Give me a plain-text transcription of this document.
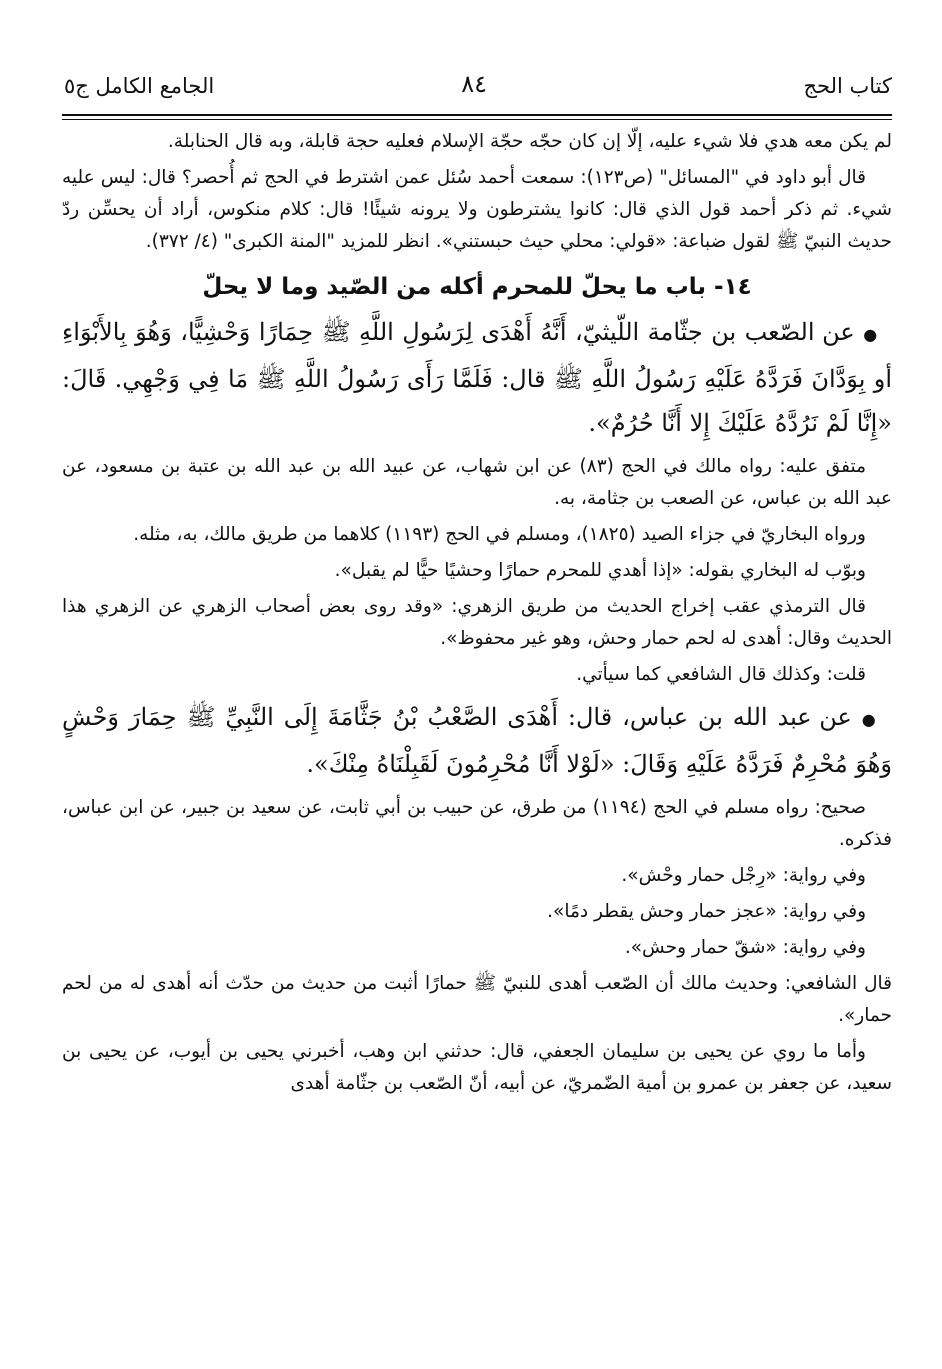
كتاب الحج
٨٤
الجامع الكامل ج٥

لم يكن معه هدي فلا شيء عليه، إلّا إن كان حجّه حجّة الإسلام فعليه حجة قابلة، وبه قال الحنابلة.

قال أبو داود في "المسائل" (ص١٢٣): سمعت أحمد سُئل عمن اشترط في الحج ثم أُحصر؟ قال: ليس عليه شيء. ثم ذكر أحمد قول الذي قال: كانوا يشترطون ولا يرونه شيئًا! قال: كلام منكوس، أراد أن يحسِّن ردّ حديث النبيّ ﷺ لقول ضباعة: «قولي: محلي حيث حبستني». انظر للمزيد "المنة الكبرى" (٤/ ٣٧٢).

١٤- باب ما يحلّ للمحرم أكله من الصّيد وما لا يحلّ

● عن الصّعب بن جثّامة اللّيثيّ، أَنَّهُ أَهْدَى لِرَسُولِ اللَّهِ ﷺ حِمَارًا وَحْشِيًّا، وَهُوَ بِالأَبْوَاءِ أو بِوَدَّانَ فَرَدَّهُ عَلَيْهِ رَسُولُ اللَّهِ ﷺ قال: فَلَمَّا رَأَى رَسُولُ اللَّهِ ﷺ مَا فِي وَجْهِي. قَالَ: «إِنَّا لَمْ نَرُدَّهُ عَلَيْكَ إِلا أَنَّا حُرُمٌ».

متفق عليه: رواه مالك في الحج (٨٣) عن ابن شهاب، عن عبيد الله بن عبد الله بن عتبة بن مسعود، عن عبد الله بن عباس، عن الصعب بن جثامة، به.

ورواه البخاريّ في جزاء الصيد (١٨٢٥)، ومسلم في الحج (١١٩٣) كلاهما من طريق مالك، به، مثله.

وبوّب له البخاري بقوله: «إذا أهدي للمحرم حمارًا وحشيًا حيًّا لم يقبل».

قال الترمذي عقب إخراج الحديث من طريق الزهري: «وقد روى بعض أصحاب الزهري عن الزهري هذا الحديث وقال: أهدى له لحم حمار وحش، وهو غير محفوظ».

قلت: وكذلك قال الشافعي كما سيأتي.

● عن عبد الله بن عباس، قال: أَهْدَى الصَّعْبُ بْنُ جَثَّامَةَ إِلَى النَّبِيِّ ﷺ حِمَارَ وَحْشٍ وَهُوَ مُحْرِمٌ فَرَدَّهُ عَلَيْهِ وَقَالَ: «لَوْلا أَنَّا مُحْرِمُونَ لَقَبِلْنَاهُ مِنْكَ».

صحيح: رواه مسلم في الحج (١١٩٤) من طرق، عن حبيب بن أبي ثابت، عن سعيد بن جبير، عن ابن عباس، فذكره.

وفي رواية: «رِجْل حمار وحْش».

وفي رواية: «عجز حمار وحش يقطر دمًا».

وفي رواية: «شقّ حمار وحش».

قال الشافعي: وحديث مالك أن الصّعب أهدى للنبيّ ﷺ حمارًا أثبت من حديث من حدّث أنه أهدى له من لحم حمار».

وأما ما روي عن يحيى بن سليمان الجعفي، قال: حدثني ابن وهب، أخبرني يحيى بن أيوب، عن يحيى بن سعيد، عن جعفر بن عمرو بن أمية الضّمريّ، عن أبيه، أنّ الصّعب بن جثّامة أهدى
